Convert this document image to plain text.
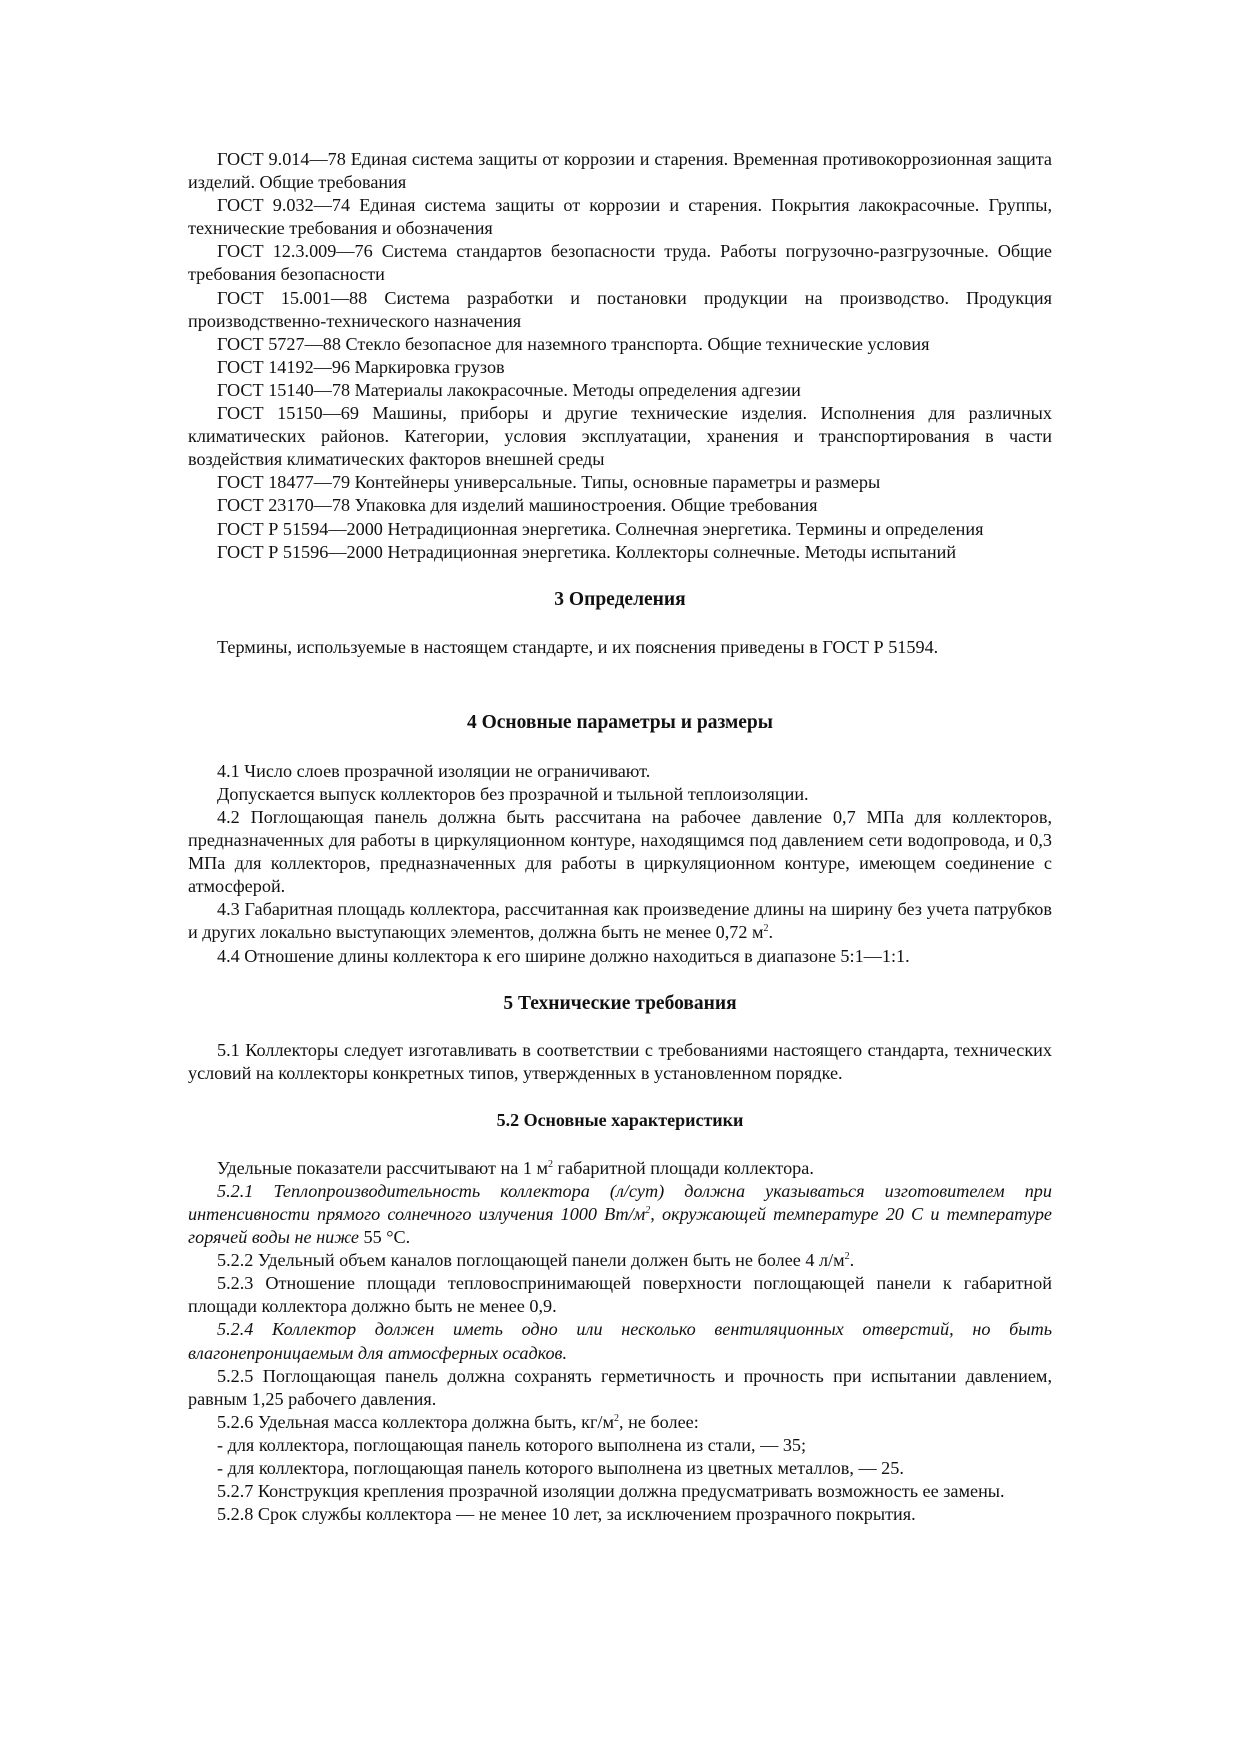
ГОСТ 9.014—78 Единая система защиты от коррозии и старения. Временная противокоррозионная защита изделий. Общие требования

ГОСТ 9.032—74 Единая система защиты от коррозии и старения. Покрытия лакокрасочные. Группы, технические требования и обозначения

ГОСТ 12.3.009—76 Система стандартов безопасности труда. Работы погрузочно-разгрузочные. Общие требования безопасности

ГОСТ 15.001—88 Система разработки и постановки продукции на производство. Продукция производственно-технического назначения

ГОСТ 5727—88 Стекло безопасное для наземного транспорта. Общие технические условия

ГОСТ 14192—96 Маркировка грузов

ГОСТ 15140—78 Материалы лакокрасочные. Методы определения адгезии

ГОСТ 15150—69 Машины, приборы и другие технические изделия. Исполнения для различных климатических районов. Категории, условия эксплуатации, хранения и транспортирования в части воздействия климатических факторов внешней среды

ГОСТ 18477—79 Контейнеры универсальные. Типы, основные параметры и размеры

ГОСТ 23170—78 Упаковка для изделий машиностроения. Общие требования

ГОСТ Р 51594—2000 Нетрадиционная энергетика. Солнечная энергетика. Термины и определения

ГОСТ Р 51596—2000 Нетрадиционная энергетика. Коллекторы солнечные. Методы испытаний

3 Определения

Термины, используемые в настоящем стандарте, и их пояснения приведены в ГОСТ Р 51594.

4 Основные параметры и размеры

4.1 Число слоев прозрачной изоляции не ограничивают.

Допускается выпуск коллекторов без прозрачной и тыльной теплоизоляции.

4.2 Поглощающая панель должна быть рассчитана на рабочее давление 0,7 МПа для коллекторов, предназначенных для работы в циркуляционном контуре, находящимся под давлением сети водопровода, и 0,3 МПа для коллекторов, предназначенных для работы в циркуляционном контуре, имеющем соединение с атмосферой.

4.3 Габаритная площадь коллектора, рассчитанная как произведение длины на ширину без учета патрубков и других локально выступающих элементов, должна быть не менее 0,72 $м^2$.

4.4 Отношение длины коллектора к его ширине должно находиться в диапазоне 5:1—1:1.

5 Технические требования

5.1 Коллекторы следует изготавливать в соответствии с требованиями настоящего стандарта, технических условий на коллекторы конкретных типов, утвержденных в установленном порядке.

5.2 Основные характеристики

Удельные показатели рассчитывают на 1 $м^2$ габаритной площади коллектора.

5.2.1 Теплопроизводительность коллектора (л/сут) должна указываться изготовителем при интенсивности прямого солнечного излучения 1000 $Вт/м^2$, окружающей температуре 20 С и температуре горячей воды не ниже 55 °С.

5.2.2 Удельный объем каналов поглощающей панели должен быть не более 4 $л/м^2$.

5.2.3 Отношение площади тепловоспринимающей поверхности поглощающей панели к габаритной площади коллектора должно быть не менее 0,9.

5.2.4 Коллектор должен иметь одно или несколько вентиляционных отверстий, но быть влагонепроницаемым для атмосферных осадков.

5.2.5 Поглощающая панель должна сохранять герметичность и прочность при испытании давлением, равным 1,25 рабочего давления.

5.2.6 Удельная масса коллектора должна быть, $кг/м^2$, не более:

- для коллектора, поглощающая панель которого выполнена из стали, — 35;

- для коллектора, поглощающая панель которого выполнена из цветных металлов, — 25.

5.2.7 Конструкция крепления прозрачной изоляции должна предусматривать возможность ее замены.

5.2.8 Срок службы коллектора — не менее 10 лет, за исключением прозрачного покрытия.
